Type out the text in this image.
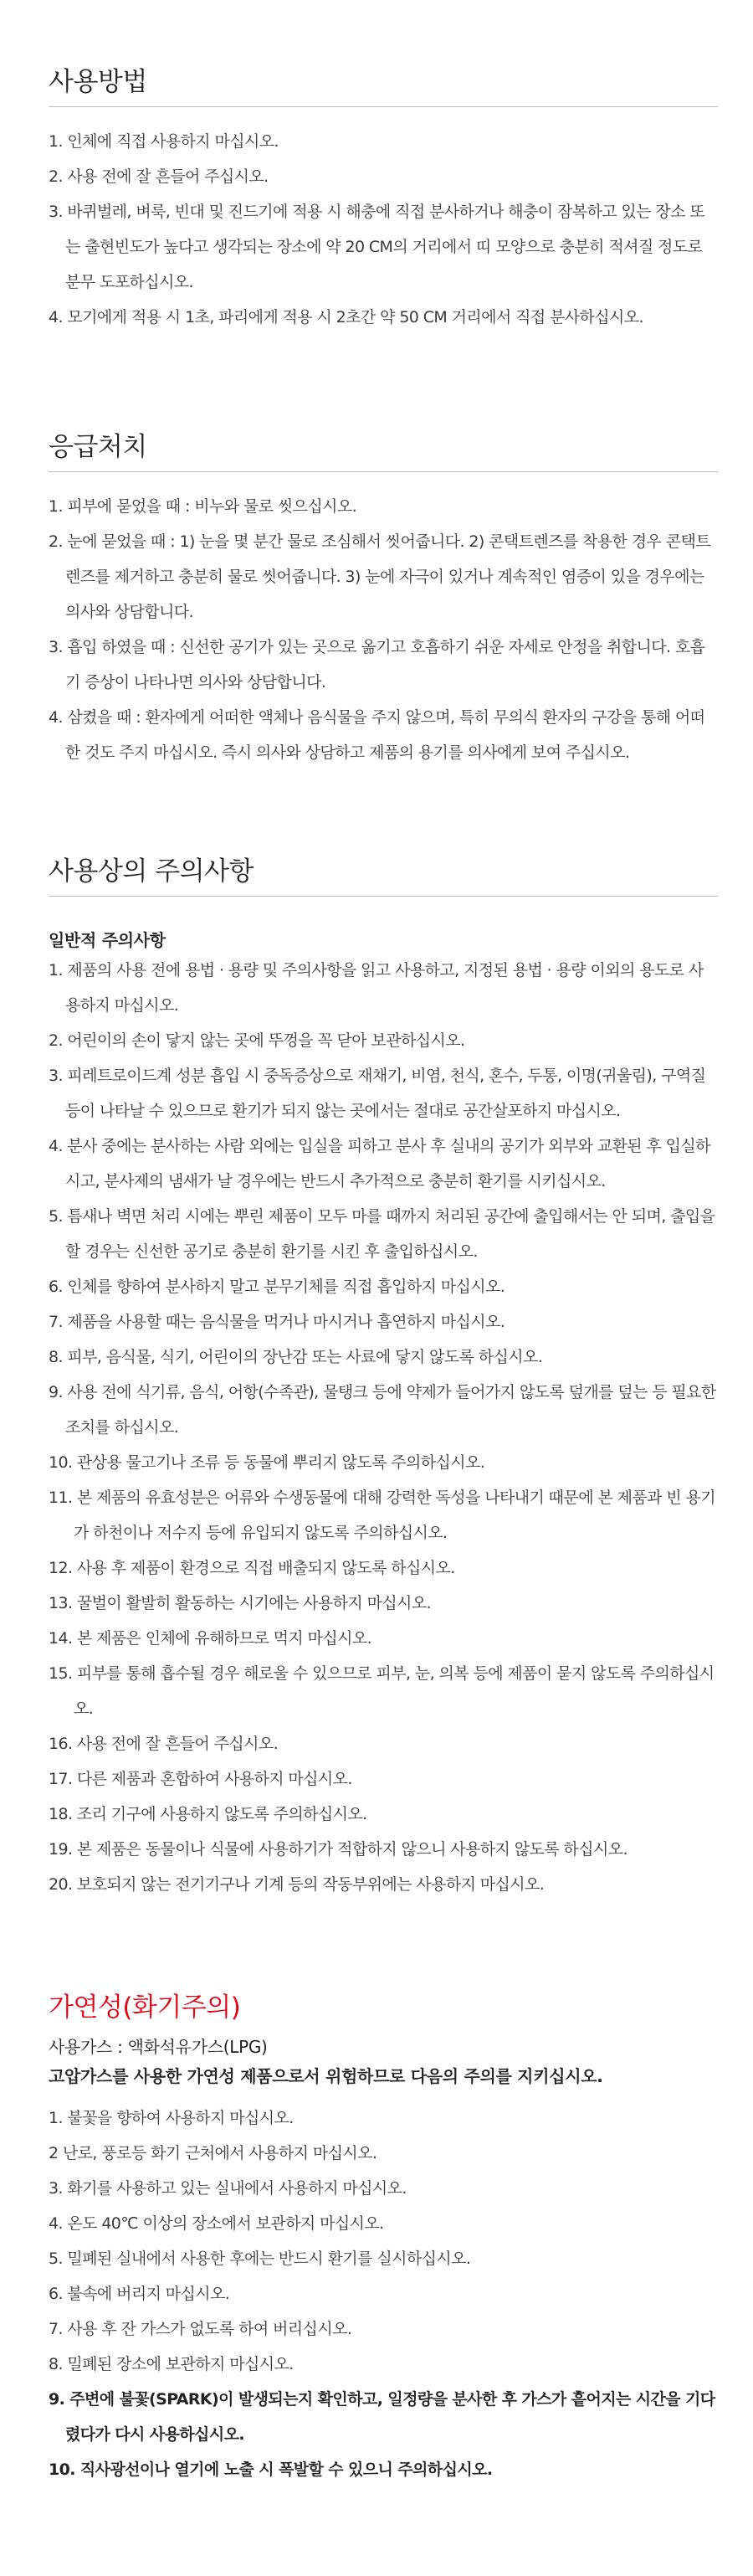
사용방법
1. 인체에 직접 사용하지 마십시오.
2. 사용 전에 잘 흔들어 주십시오.
3. 바퀴벌레, 벼룩, 빈대 및 진드기에 적용 시 해충에 직접 분사하거나 해충이 잠복하고 있는 장소 또는 출현빈도가 높다고 생각되는 장소에 약 20 CM의 거리에서 띠 모양으로 충분히 적셔질 정도로 분무 도포하십시오.
4. 모기에게 적용 시 1초, 파리에게 적용 시 2초간 약 50 CM 거리에서 직접 분사하십시오.
응급처치
1. 피부에 묻었을 때 : 비누와 물로 씻으십시오.
2. 눈에 묻었을 때 : 1) 눈을 몇 분간 물로 조심해서 씻어줍니다. 2) 콘택트렌즈를 착용한 경우 콘택트렌즈를 제거하고 충분히 물로 씻어줍니다. 3) 눈에 자극이 있거나 계속적인 염증이 있을 경우에는 의사와 상담합니다.
3. 흡입 하였을 때 : 신선한 공기가 있는 곳으로 옮기고 호흡하기 쉬운 자세로 안정을 취합니다. 호흡기 증상이 나타나면 의사와 상담합니다.
4. 삼켰을 때 : 환자에게 어떠한 액체나 음식물을 주지 않으며, 특히 무의식 환자의 구강을 통해 어떠한 것도 주지 마십시오. 즉시 의사와 상담하고 제품의 용기를 의사에게 보여 주십시오.
사용상의 주의사항
일반적 주의사항
1. 제품의 사용 전에 용법 · 용량 및 주의사항을 읽고 사용하고, 지정된 용법 · 용량 이외의 용도로 사용하지 마십시오.
2. 어린이의 손이 닿지 않는 곳에 뚜껑을 꼭 닫아 보관하십시오.
3. 피레트로이드계 성분 흡입 시 중독증상으로 재채기, 비염, 천식, 혼수, 두통, 이명(귀울림), 구역질 등이 나타날 수 있으므로 환기가 되지 않는 곳에서는 절대로 공간살포하지 마십시오.
4. 분사 중에는 분사하는 사람 외에는 입실을 피하고 분사 후 실내의 공기가 외부와 교환된 후 입실하시고, 분사제의 냄새가 날 경우에는 반드시 추가적으로 충분히 환기를 시키십시오.
5. 틈새나 벽면 처리 시에는 뿌린 제품이 모두 마를 때까지 처리된 공간에 출입해서는 안 되며, 출입을 할 경우는 신선한 공기로 충분히 환기를 시킨 후 출입하십시오.
6. 인체를 향하여 분사하지 말고 분무기체를 직접 흡입하지 마십시오.
7. 제품을 사용할 때는 음식물을 먹거나 마시거나 흡연하지 마십시오.
8. 피부, 음식물, 식기, 어린이의 장난감 또는 사료에 닿지 않도록 하십시오.
9. 사용 전에 식기류, 음식, 어항(수족관), 물탱크 등에 약제가 들어가지 않도록 덮개를 덮는 등 필요한 조치를 하십시오.
10. 관상용 물고기나 조류 등 동물에 뿌리지 않도록 주의하십시오.
11. 본 제품의 유효성분은 어류와 수생동물에 대해 강력한 독성을 나타내기 때문에 본 제품과 빈 용기가 하천이나 저수지 등에 유입되지 않도록 주의하십시오.
12. 사용 후 제품이 환경으로 직접 배출되지 않도록 하십시오.
13. 꿀벌이 활발히 활동하는 시기에는 사용하지 마십시오.
14. 본 제품은 인체에 유해하므로 먹지 마십시오.
15. 피부를 통해 흡수될 경우 해로울 수 있으므로 피부, 눈, 의복 등에 제품이 묻지 않도록 주의하십시오.
16. 사용 전에 잘 흔들어 주십시오.
17. 다른 제품과 혼합하여 사용하지 마십시오.
18. 조리 기구에 사용하지 않도록 주의하십시오.
19. 본 제품은 동물이나 식물에 사용하기가 적합하지 않으니 사용하지 않도록 하십시오.
20. 보호되지 않는 전기기구나 기계 등의 작동부위에는 사용하지 마십시오.
가연성(화기주의)
사용가스 : 액화석유가스(LPG)
고압가스를 사용한 가연성 제품으로서 위험하므로 다음의 주의를 지키십시오.
1. 불꽃을 향하여 사용하지 마십시오.
2 난로, 풍로등 화기 근처에서 사용하지 마십시오.
3. 화기를 사용하고 있는 실내에서 사용하지 마십시오.
4. 온도 40℃ 이상의 장소에서 보관하지 마십시오.
5. 밀폐된 실내에서 사용한 후에는 반드시 환기를 실시하십시오.
6. 불속에 버리지 마십시오.
7. 사용 후 잔 가스가 없도록 하여 버리십시오.
8. 밀폐된 장소에 보관하지 마십시오.
9. 주변에 불꽃(SPARK)이 발생되는지 확인하고, 일정량을 분사한 후 가스가 흩어지는 시간을 기다렸다가 다시 사용하십시오.
10. 직사광선이나 열기에 노출 시 폭발할 수 있으니 주의하십시오.
